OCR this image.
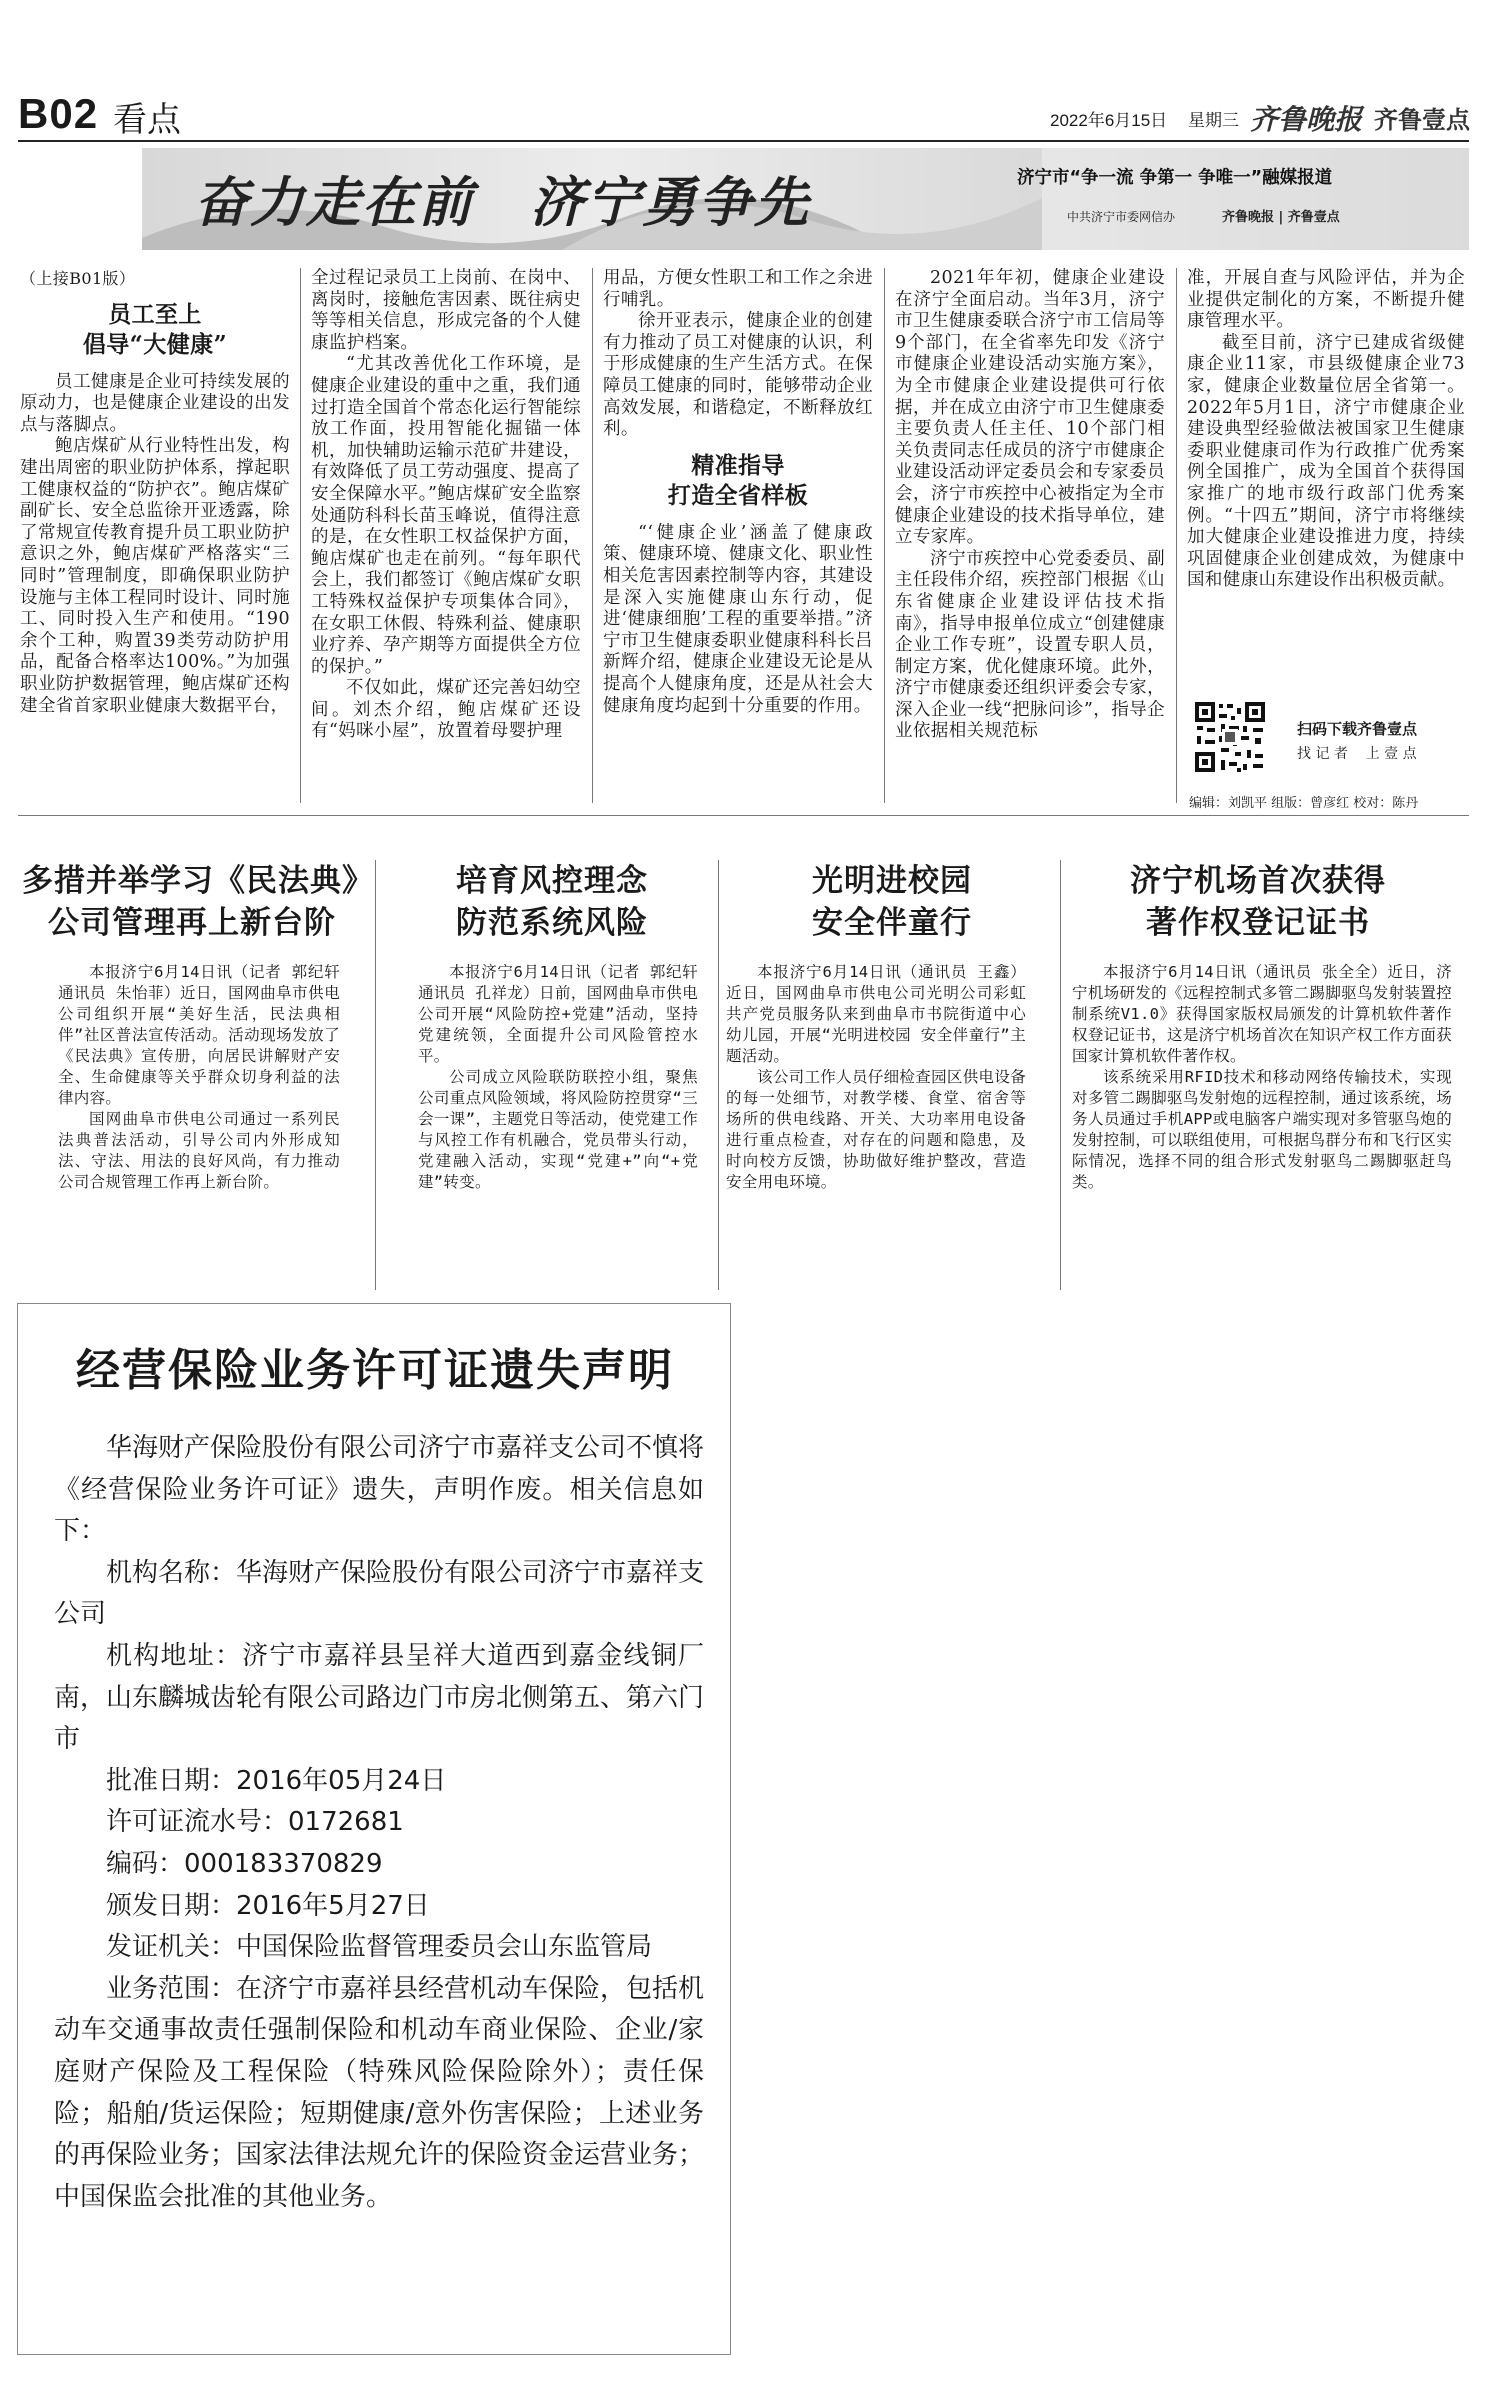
B02 看点	2022年6月15日 星期三 齐鲁晚报 齐鲁壹点
奋力走在前 济宁勇争先	济宁市“争一流 争第一 争唯一”融媒报道
中共济宁市委网信办	齐鲁晚报 | 齐鲁壹点

（上接B01版）

员工至上
倡导“大健康”

员工健康是企业可持续发展的原动力，也是健康企业建设的出发点与落脚点。

鲍店煤矿从行业特性出发，构建出周密的职业防护体系，撑起职工健康权益的“防护衣”。鲍店煤矿副矿长、安全总监徐开亚透露，除了常规宣传教育提升员工职业防护意识之外，鲍店煤矿严格落实“三同时”管理制度，即确保职业防护设施与主体工程同时设计、同时施工、同时投入生产和使用。“190余个工种，购置39类劳动防护用品，配备合格率达100%。”为加强职业防护数据管理，鲍店煤矿还构建全省首家职业健康大数据平台，

全过程记录员工上岗前、在岗中、离岗时，接触危害因素、既往病史等等相关信息，形成完备的个人健康监护档案。

“尤其改善优化工作环境，是健康企业建设的重中之重，我们通过打造全国首个常态化运行智能综放工作面，投用智能化掘锚一体机，加快辅助运输示范矿井建设，有效降低了员工劳动强度、提高了安全保障水平。”鲍店煤矿安全监察处通防科科长苗玉峰说，值得注意的是，在女性职工权益保护方面，鲍店煤矿也走在前列。“每年职代会上，我们都签订《鲍店煤矿女职工特殊权益保护专项集体合同》，在女职工休假、特殊利益、健康职业疗养、孕产期等方面提供全方位的保护。”

不仅如此，煤矿还完善妇幼空间。刘杰介绍，鲍店煤矿还设有“妈咪小屋”，放置着母婴护理

用品，方便女性职工和工作之余进行哺乳。

徐开亚表示，健康企业的创建有力推动了员工对健康的认识，利于形成健康的生产生活方式。在保障员工健康的同时，能够带动企业高效发展，和谐稳定，不断释放红利。

精准指导
打造全省样板

“‘健康企业’涵盖了健康政策、健康环境、健康文化、职业性相关危害因素控制等内容，其建设是深入实施健康山东行动，促进‘健康细胞’工程的重要举措。”济宁市卫生健康委职业健康科科长吕新辉介绍，健康企业建设无论是从提高个人健康角度，还是从社会大健康角度均起到十分重要的作用。

2021年年初，健康企业建设在济宁全面启动。当年3月，济宁市卫生健康委联合济宁市工信局等9个部门，在全省率先印发《济宁市健康企业建设活动实施方案》，为全市健康企业建设提供可行依据，并在成立由济宁市卫生健康委主要负责人任主任、10个部门相关负责同志任成员的济宁市健康企业建设活动评定委员会和专家委员会，济宁市疾控中心被指定为全市健康企业建设的技术指导单位，建立专家库。

济宁市疾控中心党委委员、副主任段伟介绍，疾控部门根据《山东省健康企业建设评估技术指南》，指导申报单位成立“创建健康企业工作专班”，设置专职人员，制定方案，优化健康环境。此外，济宁市健康委还组织评委会专家，深入企业一线“把脉问诊”，指导企业依据相关规范标

准，开展自查与风险评估，并为企业提供定制化的方案，不断提升健康管理水平。

截至目前，济宁已建成省级健康企业11家，市县级健康企业73家，健康企业数量位居全省第一。2022年5月1日，济宁市健康企业建设典型经验做法被国家卫生健康委职业健康司作为行政推广优秀案例全国推广，成为全国首个获得国家推广的地市级行政部门优秀案例。“十四五”期间，济宁市将继续加大健康企业建设推进力度，持续巩固健康企业创建成效，为健康中国和健康山东建设作出积极贡献。

扫码下载齐鲁壹点
找 记 者    上 壹 点
编辑：刘凯平 组版：曾彦红 校对：陈丹
多措并举学习《民法典》
公司管理再上新台阶

本报济宁6月14日讯（记者 郭纪轩 通讯员 朱怡菲）近日，国网曲阜市供电公司组织开展“美好生活，民法典相伴”社区普法宣传活动。活动现场发放了《民法典》宣传册，向居民讲解财产安全、生命健康等关乎群众切身利益的法律内容。

国网曲阜市供电公司通过一系列民法典普法活动，引导公司内外形成知法、守法、用法的良好风尚，有力推动公司合规管理工作再上新台阶。

培育风控理念
防范系统风险

本报济宁6月14日讯（记者 郭纪轩 通讯员 孔祥龙）日前，国网曲阜市供电公司开展“风险防控+党建”活动，坚持党建统领，全面提升公司风险管控水平。

公司成立风险联防联控小组，聚焦公司重点风险领域，将风险防控贯穿“三会一课”，主题党日等活动，使党建工作与风控工作有机融合，党员带头行动，党建融入活动，实现“党建+”向“+党建”转变。

光明进校园
安全伴童行

本报济宁6月14日讯（通讯员 王鑫）近日，国网曲阜市供电公司光明公司彩虹共产党员服务队来到曲阜市书院街道中心幼儿园，开展“光明进校园 安全伴童行”主题活动。

该公司工作人员仔细检查园区供电设备的每一处细节，对教学楼、食堂、宿舍等场所的供电线路、开关、大功率用电设备进行重点检查，对存在的问题和隐患，及时向校方反馈，协助做好维护整改，营造安全用电环境。

济宁机场首次获得
著作权登记证书

本报济宁6月14日讯（通讯员 张全全）近日，济宁机场研发的《远程控制式多管二踢脚驱鸟发射装置控制系统V1.0》获得国家版权局颁发的计算机软件著作权登记证书，这是济宁机场首次在知识产权工作方面获国家计算机软件著作权。

该系统采用RFID技术和移动网络传输技术，实现对多管二踢脚驱鸟发射炮的远程控制，通过该系统，场务人员通过手机APP或电脑客户端实现对多管驱鸟炮的发射控制，可以联组使用，可根据鸟群分布和飞行区实际情况，选择不同的组合形式发射驱鸟二踢脚驱赶鸟类。

经营保险业务许可证遗失声明

华海财产保险股份有限公司济宁市嘉祥支公司不慎将《经营保险业务许可证》遗失，声明作废。相关信息如下：

机构名称：华海财产保险股份有限公司济宁市嘉祥支公司

机构地址：济宁市嘉祥县呈祥大道西到嘉金线铜厂南，山东麟城齿轮有限公司路边门市房北侧第五、第六门市

批准日期：2016年05月24日

许可证流水号：0172681

编码：000183370829

颁发日期：2016年5月27日

发证机关：中国保险监督管理委员会山东监管局

业务范围：在济宁市嘉祥县经营机动车保险，包括机动车交通事故责任强制保险和机动车商业保险、企业/家庭财产保险及工程保险（特殊风险保险除外）；责任保险；船舶/货运保险；短期健康/意外伤害保险；上述业务的再保险业务；国家法律法规允许的保险资金运营业务；中国保监会批准的其他业务。
